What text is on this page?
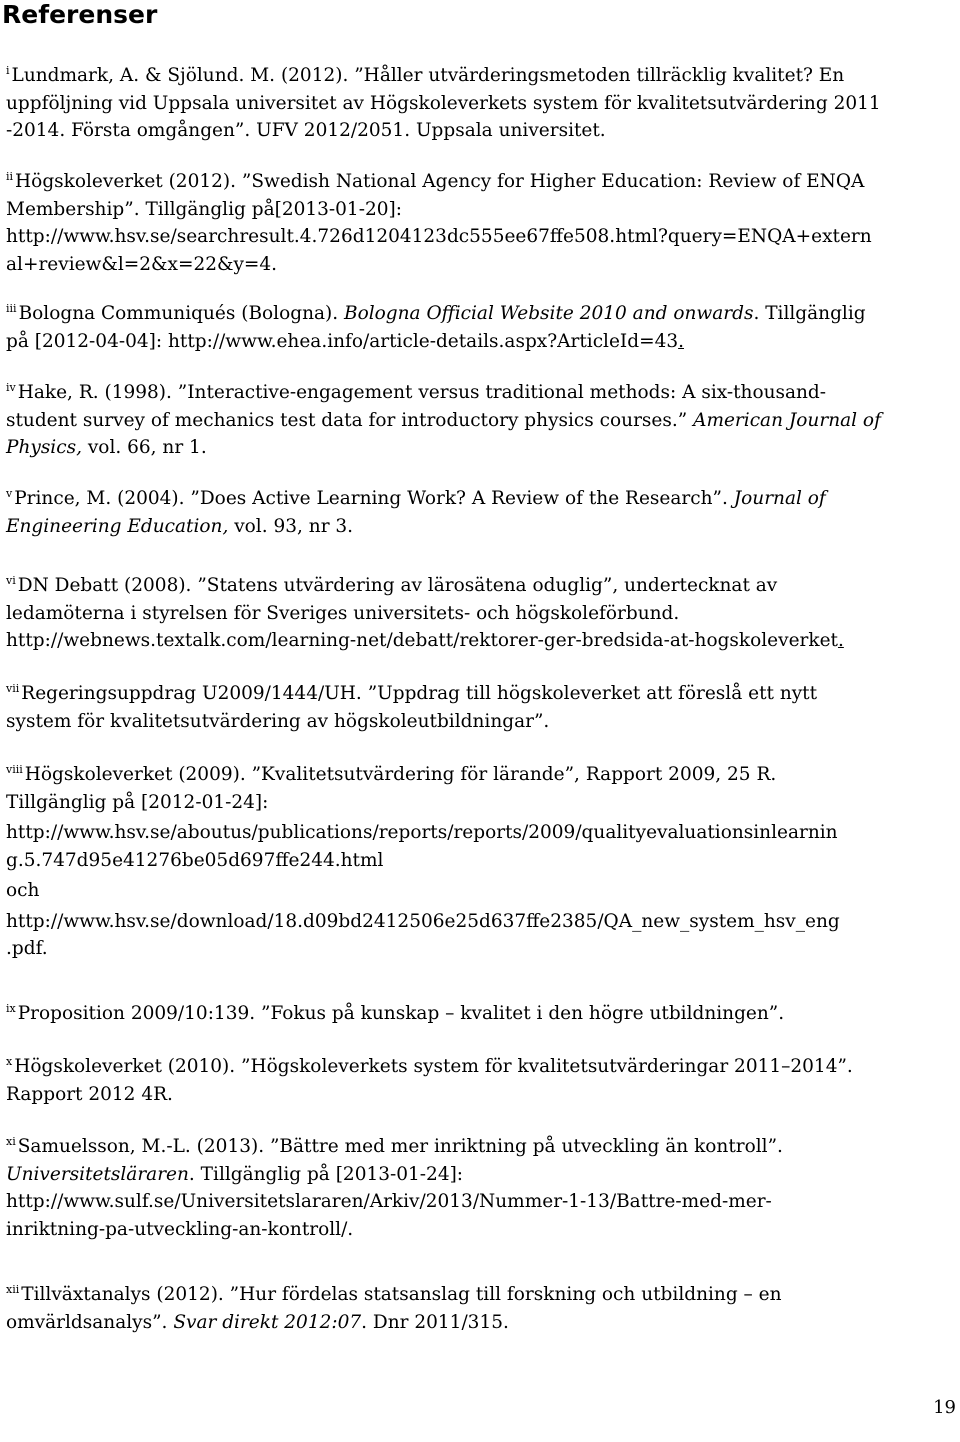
Referenser
$^i$ Lundmark, A. & Sjölund. M. (2012). ”Håller utvärderingsmetoden tillräcklig kvalitet? En
uppföljning vid Uppsala universitet av Högskoleverkets system för kvalitetsutvärdering 2011
-2014. Första omgången”. UFV 2012/2051. Uppsala universitet.
$^{ii}$ Högskoleverket (2012). ”Swedish National Agency for Higher Education: Review of ENQA
Membership”. Tillgänglig på[2013-01-20]:
http://www.hsv.se/searchresult.4.726d1204123dc555ee67ffe508.html?query=ENQA+extern
al+review&l=2&x=22&y=4.
$^{iii}$ Bologna Communiqués (Bologna). Bologna Official Website 2010 and onwards. Tillgänglig
på [2012-04-04]: http://www.ehea.info/article-details.aspx?ArticleId=43.
$^{iv}$ Hake, R. (1998). ”Interactive-engagement versus traditional methods: A six-thousand-
student survey of mechanics test data for introductory physics courses.” American Journal of
Physics, vol. 66, nr 1.
$^v$ Prince, M. (2004). ”Does Active Learning Work? A Review of the Research”. Journal of
Engineering Education, vol. 93, nr 3.
$^{vi}$ DN Debatt (2008). ”Statens utvärdering av lärosätena oduglig”, undertecknat av
ledamöterna i styrelsen för Sveriges universitets- och högskoleförbund.
http://webnews.textalk.com/learning-net/debatt/rektorer-ger-bredsida-at-hogskoleverket.
$^{vii}$ Regeringsuppdrag U2009/1444/UH. ”Uppdrag till högskoleverket att föreslå ett nytt
system för kvalitetsutvärdering av högskoleutbildningar”.
$^{viii}$ Högskoleverket (2009). ”Kvalitetsutvärdering för lärande”, Rapport 2009, 25 R.
Tillgänglig på [2012-01-24]:
http://www.hsv.se/aboutus/publications/reports/reports/2009/qualityevaluationsinlearnin
g.5.747d95e41276be05d697ffe244.html
och
http://www.hsv.se/download/18.d09bd2412506e25d637ffe2385/QA_new_system_hsv_eng
.pdf.
$^{ix}$ Proposition 2009/10:139. ”Fokus på kunskap – kvalitet i den högre utbildningen”.
$^x$ Högskoleverket (2010). ”Högskoleverkets system för kvalitetsutvärderingar 2011–2014”.
Rapport 2012 4R.
$^{xi}$ Samuelsson, M.-L. (2013). ”Bättre med mer inriktning på utveckling än kontroll”.
Universitetsläraren. Tillgänglig på [2013-01-24]:
http://www.sulf.se/Universitetslararen/Arkiv/2013/Nummer-1-13/Battre-med-mer-
inriktning-pa-utveckling-an-kontroll/.
$^{xii}$ Tillväxtanalys (2012). ”Hur fördelas statsanslag till forskning och utbildning – en
omvärldsanalys”. Svar direkt 2012:07. Dnr 2011/315.
19
